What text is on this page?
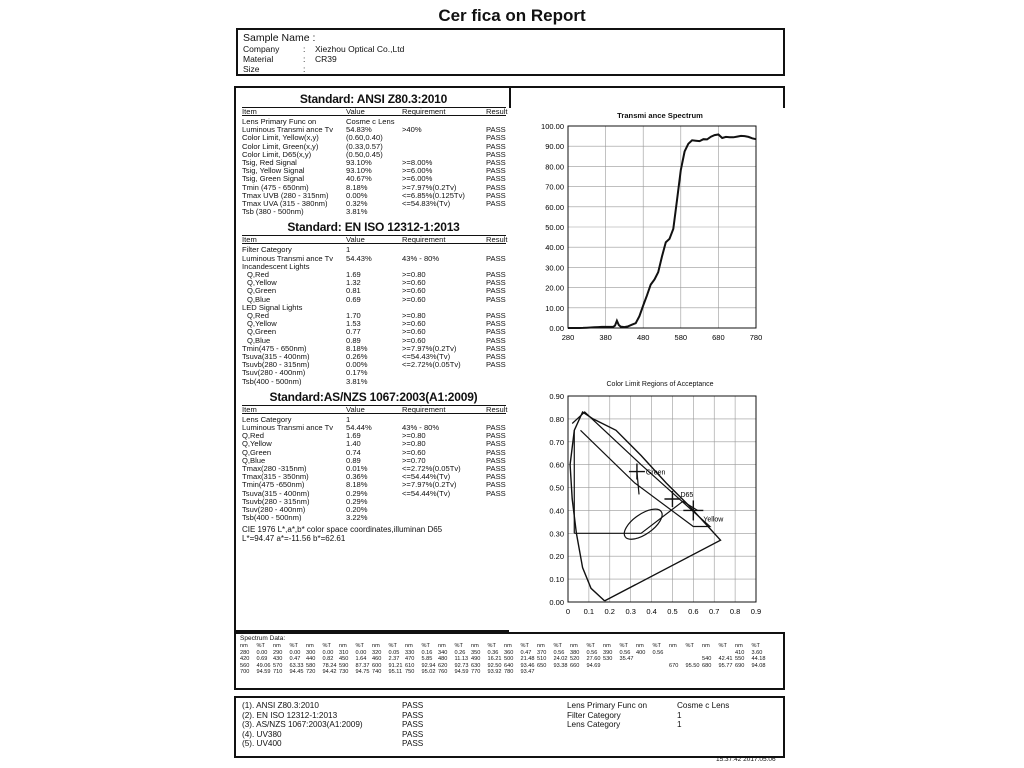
Cer fica on Report
Sample Name :
Company	:	Xiezhou Optical Co.,Ltd
Material	:	CR39
Size	:
Standard: ANSI Z80.3:2010
Item	Value	Requirement	Result
Lens Primary Func on	Cosme c Lens
Luminous Transmi ance Tv 54.83%	>40%	PASS
Color Limit, Yellow(x,y)	(0.60,0.40)	PASS
Color Limit, Green(x,y)	(0.33,0.57)	PASS
Color Limit, D65(x,y)	(0.50,0.45)	PASS
Tsig, Red Signal	93.10%	>=8.00%	PASS
Tsig, Yellow Signal	93.10%	>=6.00%	PASS
Tsig, Green Signal	40.67%	>=6.00%	PASS
Tmin (475 - 650nm)	8.18%	>=7.97%(0.2Tv)	PASS
Tmax UVB (280 - 315nm) 0.00%	<=6.85%(0.125Tv)	PASS
Tmax UVA (315 - 380nm) 0.32%	<=54.83%(Tv)	PASS
Tsb (380 - 500nm)	3.81%
Standard: EN ISO 12312-1:2013
Item	Value	Requirement	Result
Filter Category	1
Luminous Transmi ance Tv 54.43%	43% - 80%	PASS
Incandescent Lights
Q,Red	1.69	>=0.80	PASS
Q,Yellow	1.32	>=0.60	PASS
Q,Green	0.81	>=0.60	PASS
Q,Blue	0.69	>=0.60	PASS
LED Signal Lights
Q,Red	1.70	>=0.80	PASS
Q,Yellow	1.53	>=0.60	PASS
Q,Green	0.77	>=0.60	PASS
Q,Blue	0.89	>=0.60	PASS
Tmin(475 - 650nm)	8.18%	>=7.97%(0.2Tv)	PASS
Tsuva(315 - 400nm)	0.26%	<=54.43%(Tv)	PASS
Tsuvb(280 - 315nm)	0.00%	<=2.72%(0.05Tv)	PASS
Tsuv(280 - 400nm)	0.17%
Tsb(400 - 500nm)	3.81%
Standard:AS/NZS 1067:2003(A1:2009)
Item	Value	Requirement	Result
Lens Category	1
Luminous Transmi ance Tv 54.44%	43% - 80%	PASS
Q,Red	1.69	>=0.80	PASS
Q,Yellow	1.40	>=0.80	PASS
Q,Green	0.74	>=0.60	PASS
Q,Blue	0.89	>=0.70	PASS
Tmax(280 -315nm)	0.01%	<=2.72%(0.05Tv)	PASS
Tmax(315 - 350nm)	0.36%	<=54.44%(Tv)	PASS
Tmin(475 -650nm)	8.18%	>=7.97%(0.2Tv)	PASS
Tsuva(315 - 400nm)	0.29%	<=54.44%(Tv)	PASS
Tsuvb(280 - 315nm)	0.29%
Tsuv(280 - 400nm)	0.20%
Tsb(400 - 500nm)	3.22%
CIE 1976 L*,a*,b* color space coordinates,illuminan D65
L*=94.47 a*=-11.56 b*=62.61
Transmi ance Spectrum
0.00
10.00
20.00
30.00
40.00
50.00
60.00
70.00
80.00
90.00
100.00
280	380	480	580	680	780
Color Limit Regions of Acceptance
0.00
0
0.10
0.1
0.20
0.2
0.30
0.3
0.40
0.4
0.50
0.5
0.60
0.6
0.70
0.7
0.80
0.8
0.90
0.9
Green
D65
Yellow
Spectrum Data:
nm	%T	nm	%T	nm	%T	nm	%T	nm	%T	nm	%T	nm	%T	nm	%T	nm	%T	nm	%T	nm	%T	nm	%T	nm	%T	nm	%T	nm	%T	nm	%T
280	0.00	290	0.00	300	0.00	310	0.00	320	0.05	330	0.16	340	0.26	350	0.36	360	0.47	370	0.56	380	0.56	390	0.56	400	0.56	410	3.60
420	0.69	430	0.47	440	0.82	450	1.64	460	2.37	470	5.85	480	11.13 490	16.21 500	21.48 510	24.02 520	27.60 530	35.47	540	42.41 550	44.18
560	49.06 570	63.33 580	78.24 590	87.37 600	91.21 610	92.94 620	92.73 630	92.50 640	93.46 650	93.38 660	94.69	670	95.50 680	95.77 690	94.08
700	94.59 710	94.45 720	94.42 730	94.75 740	95.11 750	95.02 760	94.59 770	93.92 780	93.47
(1). ANSI Z80.3:2010	PASS	Lens Primary Func on	Cosme c Lens
(2). EN ISO 12312-1:2013	PASS	Filter Category	1
(3). AS/NZS 1067:2003(A1:2009)	PASS	Lens Category	1
(4). UV380	PASS
(5). UV400	PASS
15:37:42 2017.05.06
